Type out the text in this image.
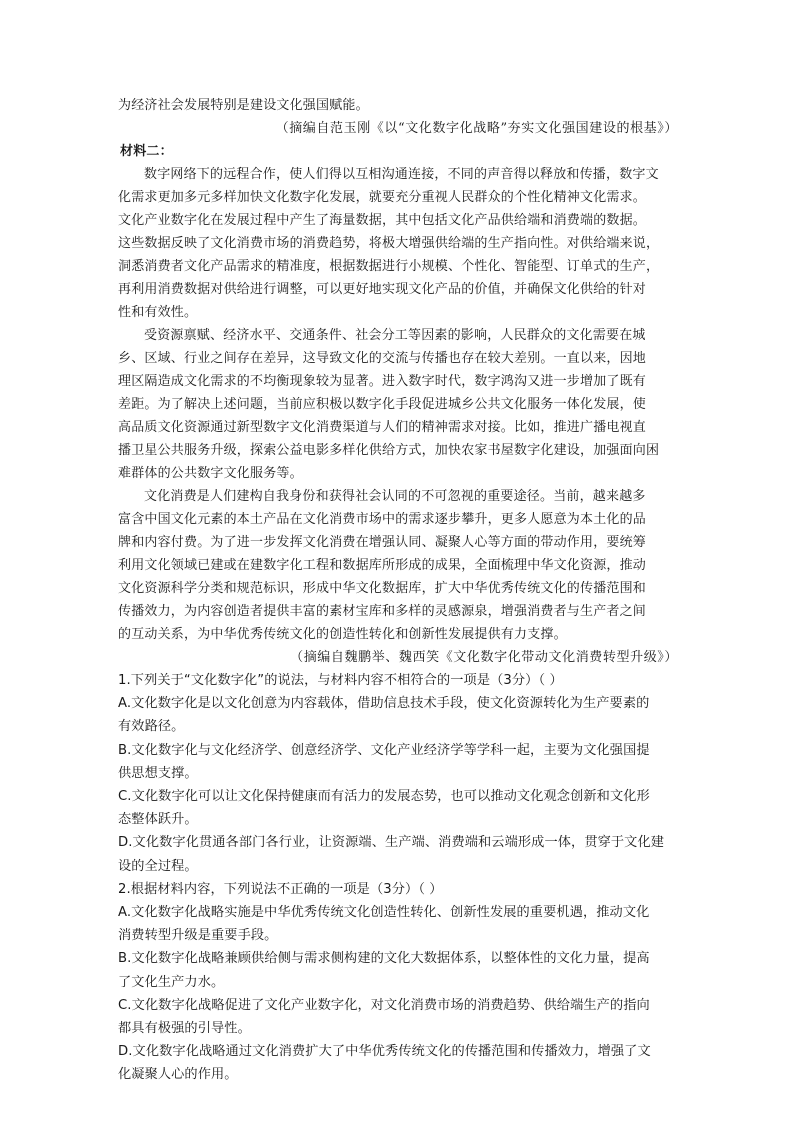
为经济社会发展特别是建设文化强国赋能。
（摘编自范玉刚《以“文化数字化战略”夯实文化强国建设的根基》）
材料二：
数字网络下的远程合作，使人们得以互相沟通连接，不同的声音得以释放和传播，数字文
化需求更加多元多样加快文化数字化发展，就要充分重视人民群众的个性化精神文化需求。
文化产业数字化在发展过程中产生了海量数据，其中包括文化产品供给端和消费端的数据。
这些数据反映了文化消费市场的消费趋势，将极大增强供给端的生产指向性。对供给端来说，
洞悉消费者文化产品需求的精准度，根据数据进行小规模、个性化、智能型、订单式的生产，
再利用消费数据对供给进行调整，可以更好地实现文化产品的价值，并确保文化供给的针对
性和有效性。
受资源禀赋、经济水平、交通条件、社会分工等因素的影响，人民群众的文化需要在城
乡、区域、行业之间存在差异，这导致文化的交流与传播也存在较大差别。一直以来，因地
理区隔造成文化需求的不均衡现象较为显著。进入数字时代，数字鸿沟又进一步增加了既有
差距。为了解决上述问题，当前应积极以数字化手段促进城乡公共文化服务一体化发展，使
高品质文化资源通过新型数字文化消费渠道与人们的精神需求对接。比如，推进广播电视直
播卫星公共服务升级，探索公益电影多样化供给方式，加快农家书屋数字化建设，加强面向困
难群体的公共数字文化服务等。
文化消费是人们建构自我身份和获得社会认同的不可忽视的重要途径。当前，越来越多
富含中国文化元素的本土产品在文化消费市场中的需求逐步攀升，更多人愿意为本土化的品
牌和内容付费。为了进一步发挥文化消费在增强认同、凝聚人心等方面的带动作用，要统筹
利用文化领域已建或在建数字化工程和数据库所形成的成果，全面梳理中华文化资源，推动
文化资源科学分类和规范标识，形成中华文化数据库，扩大中华优秀传统文化的传播范围和
传播效力，为内容创造者提供丰富的素材宝库和多样的灵感源泉，增强消费者与生产者之间
的互动关系，为中华优秀传统文化的创造性转化和创新性发展提供有力支撑。
（摘编自魏鹏举、魏西笑《文化数字化带动文化消费转型升级》）
1.下列关于“文化数字化”的说法，与材料内容不相符合的一项是（3分）（ ）
A.文化数字化是以文化创意为内容载体，借助信息技术手段，使文化资源转化为生产要素的
有效路径。
B.文化数字化与文化经济学、创意经济学、文化产业经济学等学科一起，主要为文化强国提
供思想支撑。
C.文化数字化可以让文化保持健康而有活力的发展态势，也可以推动文化观念创新和文化形
态整体跃升。
D.文化数字化贯通各部门各行业，让资源端、生产端、消费端和云端形成一体，贯穿于文化建
设的全过程。
2.根据材料内容，下列说法不正确的一项是（3分）（ ）
A.文化数字化战略实施是中华优秀传统文化创造性转化、创新性发展的重要机遇，推动文化
消费转型升级是重要手段。
B.文化数字化战略兼顾供给侧与需求侧构建的文化大数据体系，以整体性的文化力量，提高
了文化生产力水。
C.文化数字化战略促进了文化产业数字化，对文化消费市场的消费趋势、供给端生产的指向
都具有极强的引导性。
D.文化数字化战略通过文化消费扩大了中华优秀传统文化的传播范围和传播效力，增强了文
化凝聚人心的作用。
